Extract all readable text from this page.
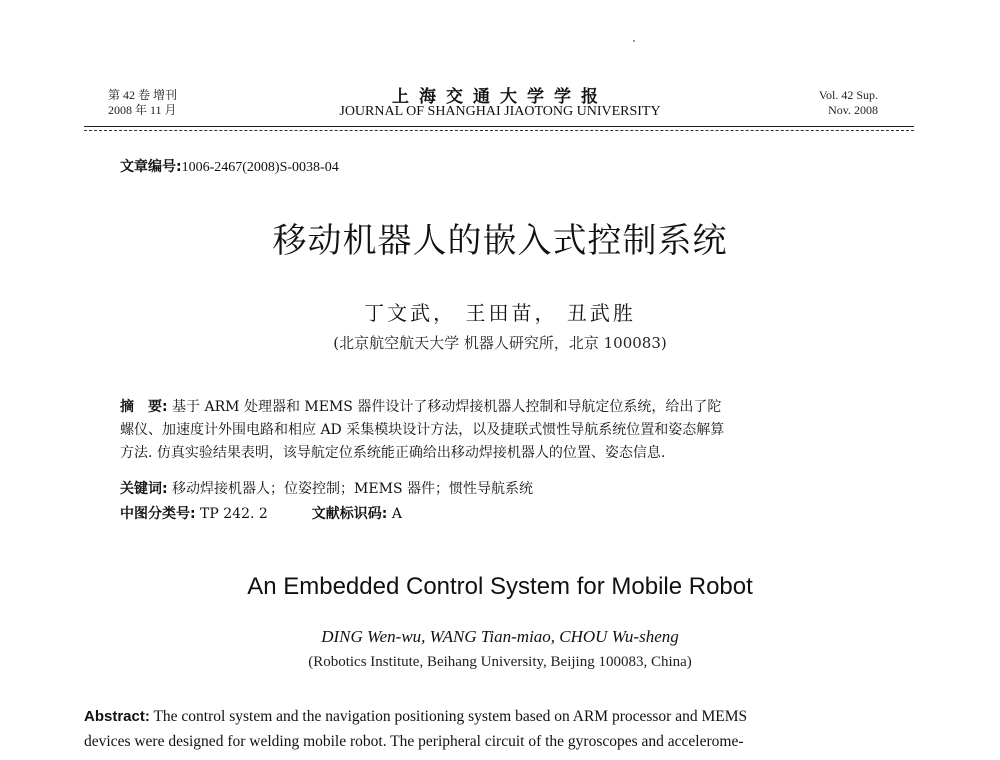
第 42 卷 增刊
2008 年 11 月
上海交通大学学报
JOURNAL OF SHANGHAI JIAOTONG UNIVERSITY
Vol. 42 Sup.
Nov. 2008
文章编号:1006-2467(2008)S-0038-04
移动机器人的嵌入式控制系统
丁文武， 王田苗， 丑武胜
(北京航空航天大学 机器人研究所，北京 100083)
摘　要: 基于 ARM 处理器和 MEMS 器件设计了移动焊接机器人控制和导航定位系统，给出了陀
螺仪、加速度计外围电路和相应 AD 采集模块设计方法，以及捷联式惯性导航系统位置和姿态解算
方法. 仿真实验结果表明，该导航定位系统能正确给出移动焊接机器人的位置、姿态信息.
关键词: 移动焊接机器人；位姿控制；MEMS 器件；惯性导航系统
中图分类号: TP 242. 2	文献标识码: A
An Embedded Control System for Mobile Robot
DING Wen-wu, WANG Tian-miao, CHOU Wu-sheng
(Robotics Institute, Beihang University, Beijing 100083, China)
Abstract: The control system and the navigation positioning system based on ARM processor and MEMS
devices were designed for welding mobile robot. The peripheral circuit of the gyroscopes and accelerome-
